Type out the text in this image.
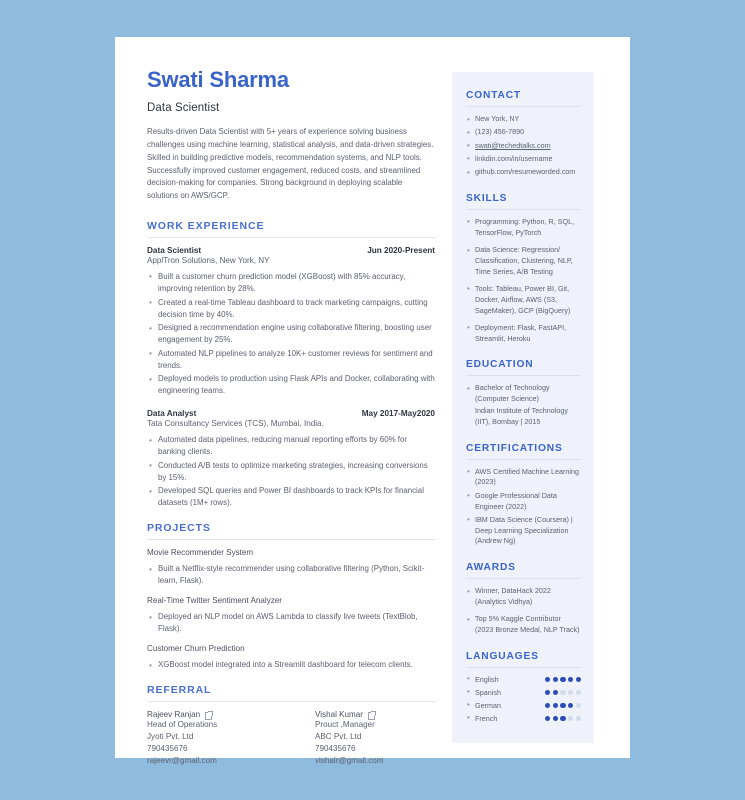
Swati Sharma
Data Scientist
Results-driven Data Scientist with 5+ years of experience solving business challenges using machine learning, statistical analysis, and data-driven strategies. Skilled in building predictive models, recommendation systems, and NLP tools. Successfully improved customer engagement, reduced costs, and streamlined decision-making for companies. Strong background in deploying scalable solutions on AWS/GCP.
WORK EXPERIENCE
Data Scientist	Jun 2020-Present
ApplTron Solutions, New York, NY
• Built a customer churn prediction model (XGBoost) with 85% accuracy, improving retention by 28%.
• Created a real-time Tableau dashboard to track marketing campaigns, cutting decision time by 40%.
• Designed a recommendation engine using collaborative filtering, boosting user engagement by 25%.
• Automated NLP pipelines to analyze 10K+ customer reviews for sentiment and trends.
• Deployed models to production using Flask APIs and Docker, collaborating with engineering teams.
Data Analyst	May 2017-May2020
Tata Consultancy Services (TCS), Mumbai, India.
• Automated data pipelines, reducing manual reporting efforts by 60% for banking clients.
• Conducted A/B tests to optimize marketing strategies, increasing conversions by 15%.
• Developed SQL queries and Power BI dashboards to track KPIs for financial datasets (1M+ rows).
PROJECTS
Movie Recommender System
• Built a Netflix-style recommender using collaborative filtering (Python, Scikit-learn, Flask).
Real-Time Twitter Sentiment Analyzer
• Deployed an NLP model on AWS Lambda to classify live tweets (TextBlob, Flask).
Customer Churn Prediction
• XGBoost model integrated into a Streamlit dashboard for telecom clients.
REFERRAL
Rajeev Ranjan
Head of Operations
Jyoti Pvt. Ltd
790435676
rajeevr@gmail.com
Vishal Kumar
Prouct ,Manager
ABC Pvt. Ltd
790435676
vishalr@gmail.com
CONTACT
• New York, NY
• (123) 456-7890
• swati@techedtalks.com
• linkdin.com/in/username
• github.com/resumeworded.com
SKILLS
• Programming: Python, R, SQL, TensorFlow, PyTorch
• Data Science: Regression/ Classification, Clustering, NLP, Time Series, A/B Testing
• Tools: Tableau, Power BI, Git, Docker, Airflow, AWS (S3, SageMaker), GCP (BigQuery)
• Deployment: Flask, FastAPI, Streamlit, Heroku
EDUCATION
• Bachelor of Technology (Computer Science)
Indian Institute of Technology (IIT), Bombay | 2015
CERTIFICATIONS
• AWS Certified Machine Learning (2023)
• Google Professional Data Engineer (2022)
• IBM Data Science (Coursera) | Deep Learning Specialization (Andrew Ng)
AWARDS
• Winner, DataHack 2022 (Analytics Vidhya)
• Top 5% Kaggle Contributor (2023 Bronze Medal, NLP Track)
LANGUAGES
• English
• Spanish
• German
• French
